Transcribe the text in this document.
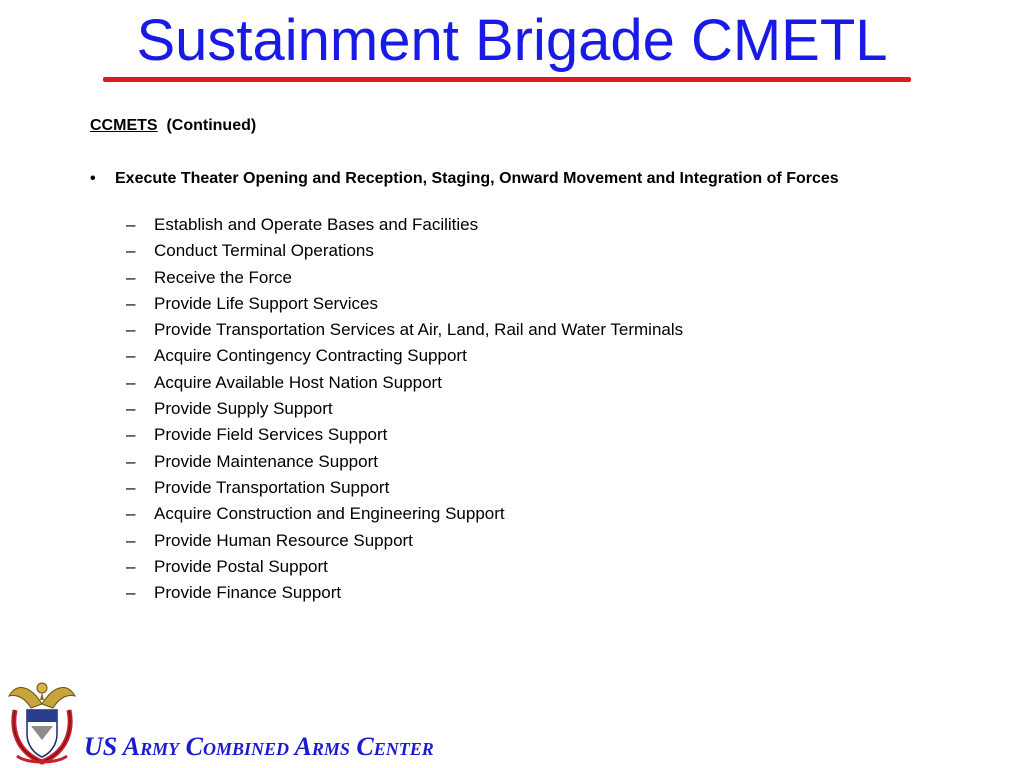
Sustainment Brigade CMETL
CCMETS (Continued)
•	Execute Theater Opening and Reception, Staging, Onward Movement and Integration of Forces
– Establish and Operate Bases and Facilities
– Conduct Terminal Operations
– Receive the Force
– Provide Life Support Services
– Provide Transportation Services at Air, Land, Rail and Water Terminals
– Acquire Contingency Contracting Support
– Acquire Available Host Nation Support
– Provide Supply Support
– Provide Field Services Support
– Provide Maintenance Support
– Provide Transportation Support
– Acquire Construction and Engineering Support
– Provide Human Resource Support
– Provide Postal Support
– Provide Finance Support
US Army Combined Arms Center
